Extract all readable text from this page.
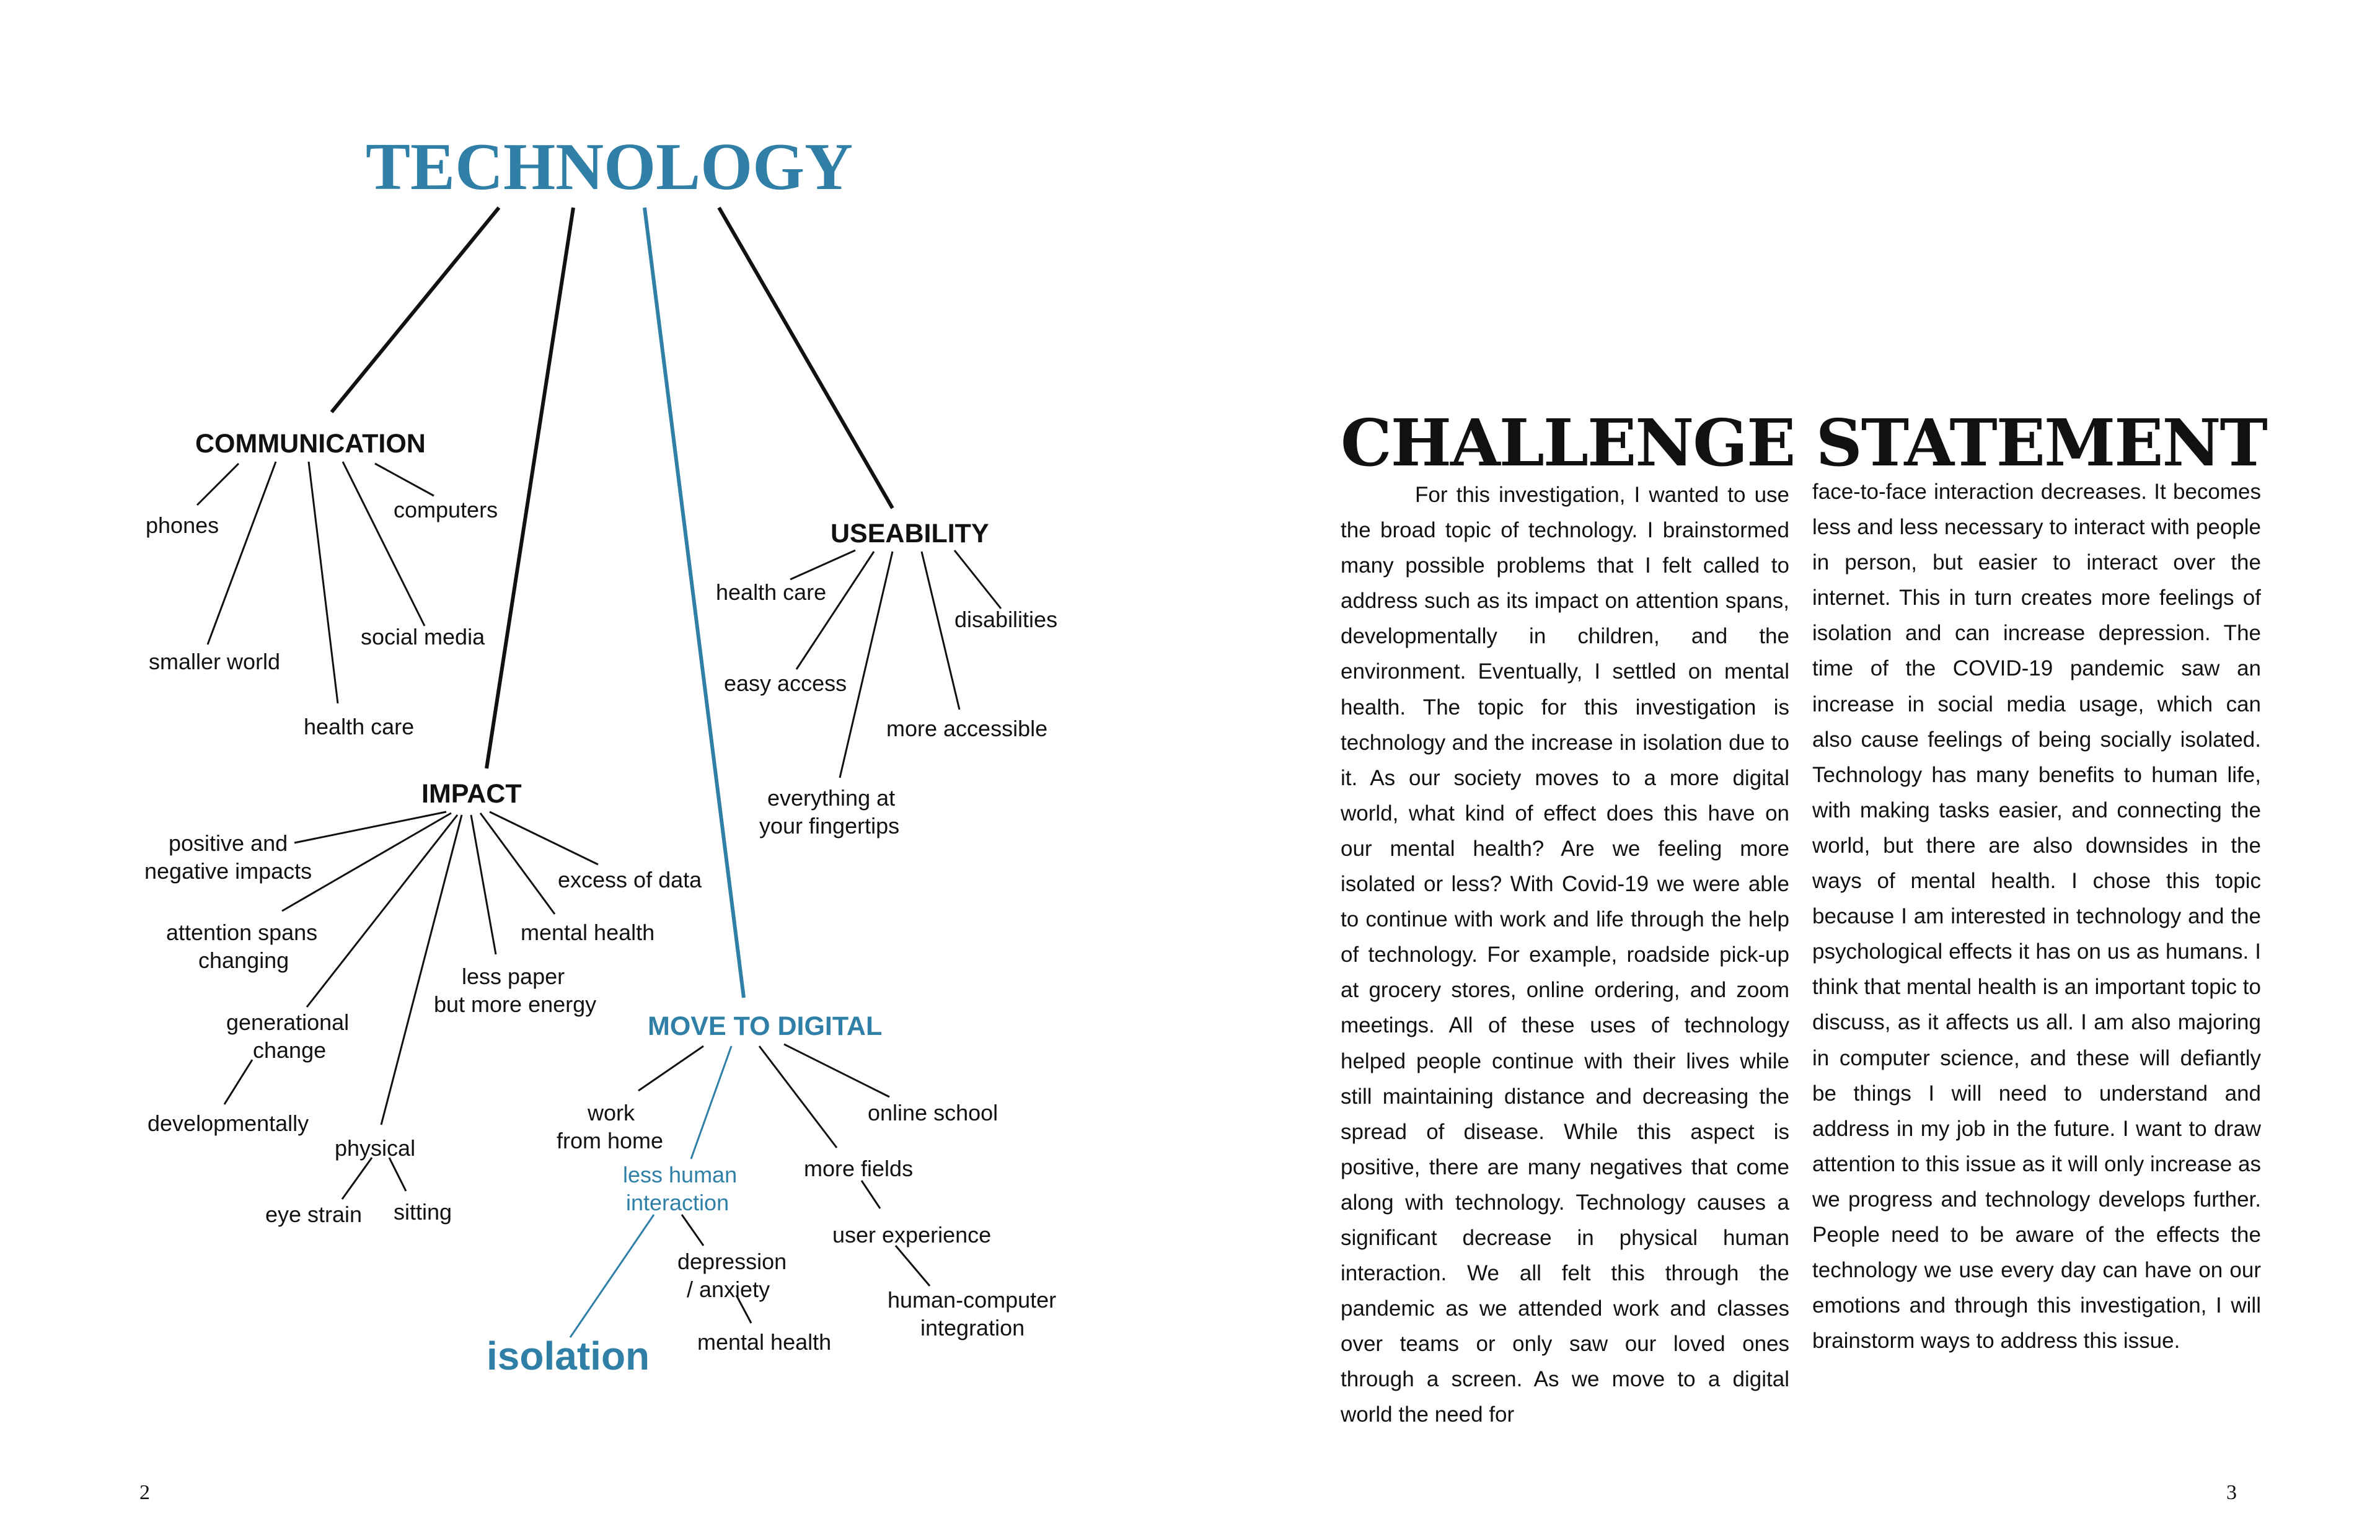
TECHNOLOGY
COMMUNICATION
phones
computers
smaller world
social media
health care
IMPACT
positive and
negative impacts
attention spans
changing
generational
change
developmentally
physical
eye strain sitting
less paper
but more energy
mental health
excess of data
USEABILITY
health care
easy access
disabilities
more accessible
everything at
your fingertips
MOVE TO DIGITAL
work
from home
less human
interaction
isolation
depression
/ anxiety
mental health
more fields
user experience
human-computer
integration
online school
2
CHALLENGE STATEMENT

For this investigation, I wanted to use the broad topic of technology. I brainstormed many possible problems that I felt called to address such as its impact on attention spans, developmentally in children, and the environment. Eventually, I settled on mental health. The topic for this investigation is technology and the increase in isolation due to it. As our society moves to a more digital world, what kind of effect does this have on our mental health? Are we feeling more isolated or less? With Covid-19 we were able to continue with work and life through the help of technology. For example, roadside pick-up at grocery stores, online ordering, and zoom meetings. All of these uses of technology helped people continue with their lives while still maintaining distance and decreasing the spread of disease. While this aspect is positive, there are many negatives that come along with technology. Technology causes a significant decrease in physical human interaction. We all felt this through the pandemic as we attended work and classes over teams or only saw our loved ones through a screen. As we move to a digital world the need for

face-to-face interaction decreases. It becomes less and less necessary to interact with people in person, but easier to interact over the internet. This in turn creates more feelings of isolation and can increase depression. The time of the COVID-19 pandemic saw an increase in social media usage, which can also cause feelings of being socially isolated. Technology has many benefits to human life, with making tasks easier, and connecting the world, but there are also downsides in the ways of mental health. I chose this topic because I am interested in technology and the psychological effects it has on us as humans. I think that mental health is an important topic to discuss, as it affects us all. I am also majoring in computer science, and these will defiantly be things I will need to understand and address in my job in the future. I want to draw attention to this issue as it will only increase as we progress and technology develops further. People need to be aware of the effects the technology we use every day can have on our emotions and through this investigation, I will brainstorm ways to address this issue.

3
